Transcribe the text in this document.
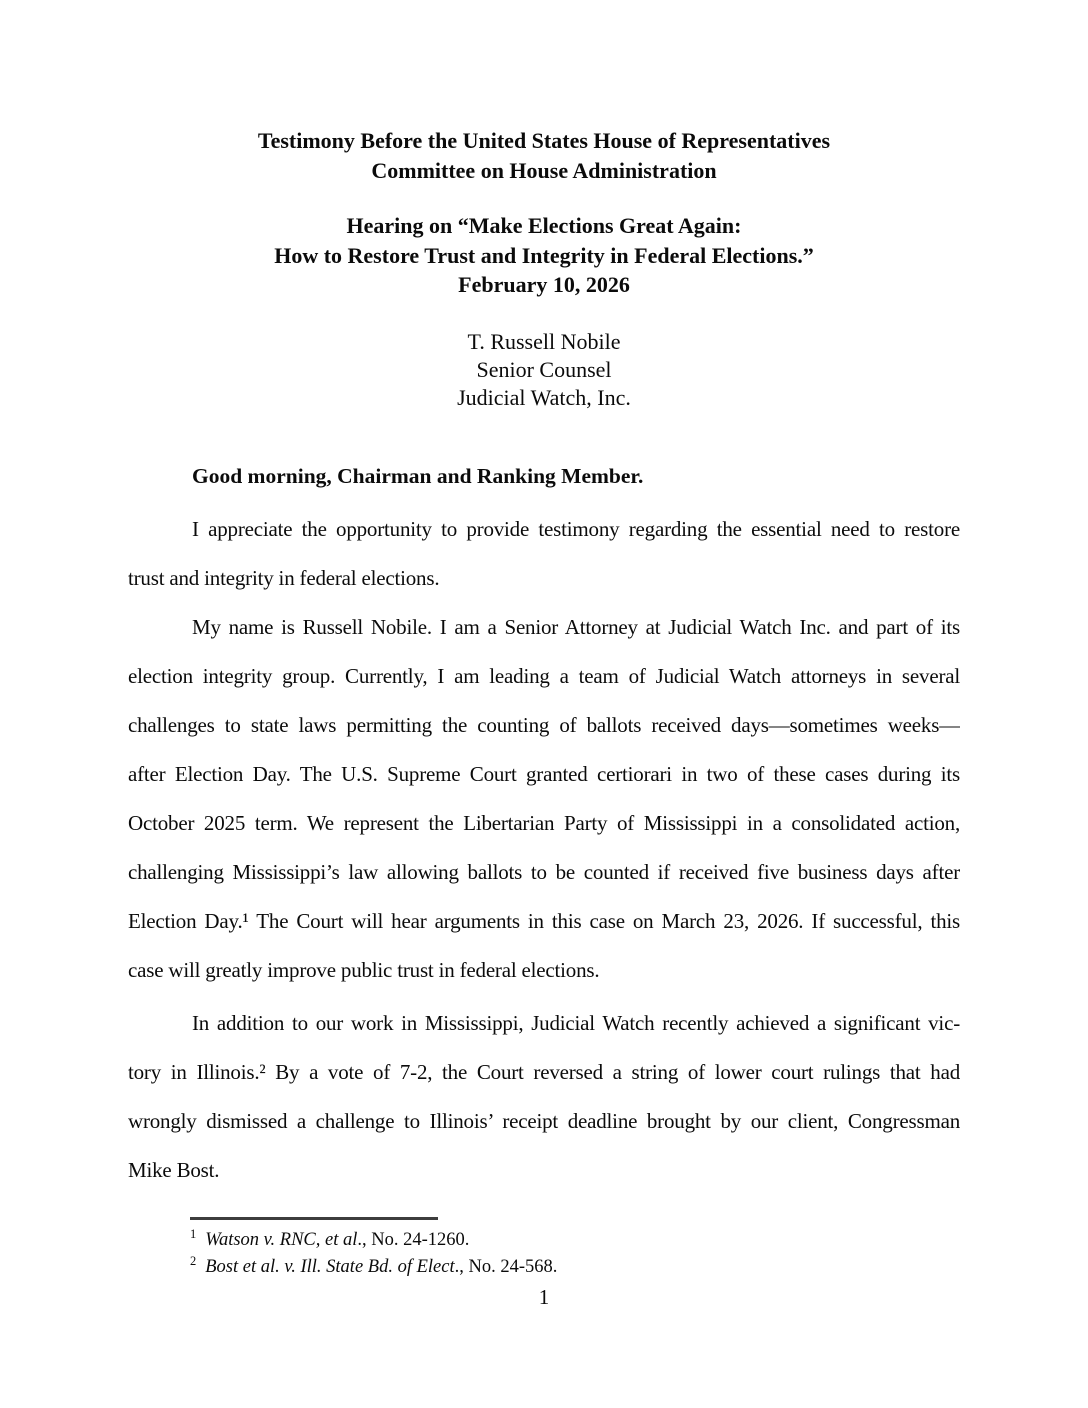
Testimony Before the United States House of Representatives
Committee on House Administration
Hearing on “Make Elections Great Again:
How to Restore Trust and Integrity in Federal Elections.”
February 10, 2026
T. Russell Nobile
Senior Counsel
Judicial Watch, Inc.
Good morning, Chairman and Ranking Member.
I appreciate the opportunity to provide testimony regarding the essential need to restore
trust and integrity in federal elections.
My name is Russell Nobile. I am a Senior Attorney at Judicial Watch Inc. and part of its
election integrity group. Currently, I am leading a team of Judicial Watch attorneys in several
challenges to state laws permitting the counting of ballots received days—sometimes weeks—
after Election Day. The U.S. Supreme Court granted certiorari in two of these cases during its
October 2025 term. We represent the Libertarian Party of Mississippi in a consolidated action,
challenging Mississippi’s law allowing ballots to be counted if received five business days after
Election Day.¹ The Court will hear arguments in this case on March 23, 2026. If successful, this
case will greatly improve public trust in federal elections.
In addition to our work in Mississippi, Judicial Watch recently achieved a significant vic-
tory in Illinois.² By a vote of 7-2, the Court reversed a string of lower court rulings that had
wrongly dismissed a challenge to Illinois’ receipt deadline brought by our client, Congressman
Mike Bost.
$^1$ Watson v. RNC, et al., No. 24-1260.
$^2$ Bost et al. v. Ill. State Bd. of Elect., No. 24-568.
1
